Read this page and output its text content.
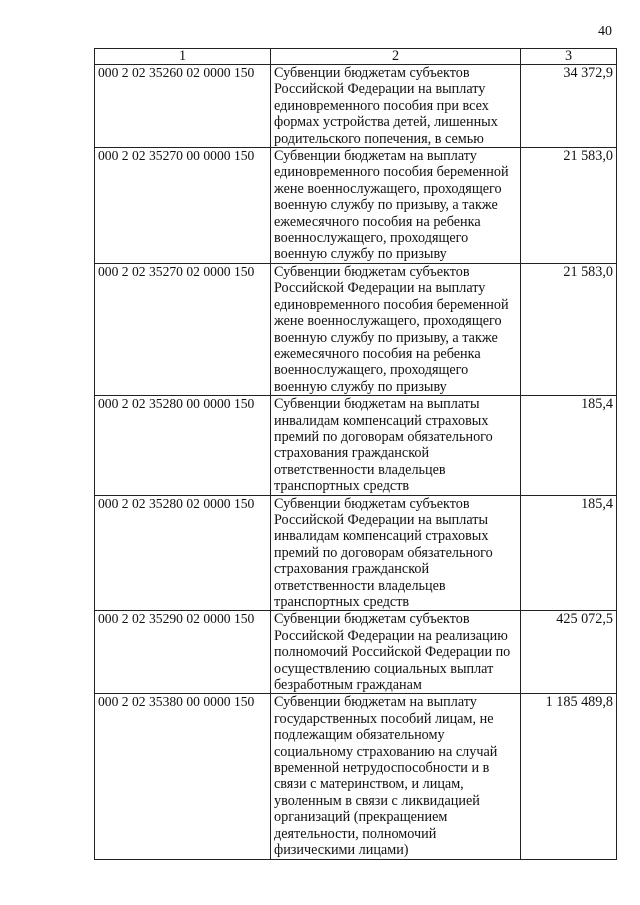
40
1	2	3
000 2 02 35260 02 0000 150	Субвенции бюджетам субъектов Российской Федерации на выплату единовременного пособия при всех формах устройства детей, лишенных родительского попечения, в семью	34 372,9
000 2 02 35270 00 0000 150	Субвенции бюджетам на выплату единовременного пособия беременной жене военнослужащего, проходящего военную службу по призыву, а также ежемесячного пособия на ребенка военнослужащего, проходящего военную службу по призыву	21 583,0
000 2 02 35270 02 0000 150	Субвенции бюджетам субъектов Российской Федерации на выплату единовременного пособия беременной жене военнослужащего, проходящего военную службу по призыву, а также ежемесячного пособия на ребенка военнослужащего, проходящего военную службу по призыву	21 583,0
000 2 02 35280 00 0000 150	Субвенции бюджетам на выплаты инвалидам компенсаций страховых премий по договорам обязательного страхования гражданской ответственности владельцев транспортных средств	185,4
000 2 02 35280 02 0000 150	Субвенции бюджетам субъектов Российской Федерации на выплаты инвалидам компенсаций страховых премий по договорам обязательного страхования гражданской ответственности владельцев транспортных средств	185,4
000 2 02 35290 02 0000 150	Субвенции бюджетам субъектов Российской Федерации на реализацию полномочий Российской Федерации по осуществлению социальных выплат безработным гражданам	425 072,5
000 2 02 35380 00 0000 150	Субвенции бюджетам на выплату государственных пособий лицам, не подлежащим обязательному социальному страхованию на случай временной нетрудоспособности и в связи с материнством, и лицам, уволенным в связи с ликвидацией организаций (прекращением деятельности, полномочий физическими лицами)	1 185 489,8
